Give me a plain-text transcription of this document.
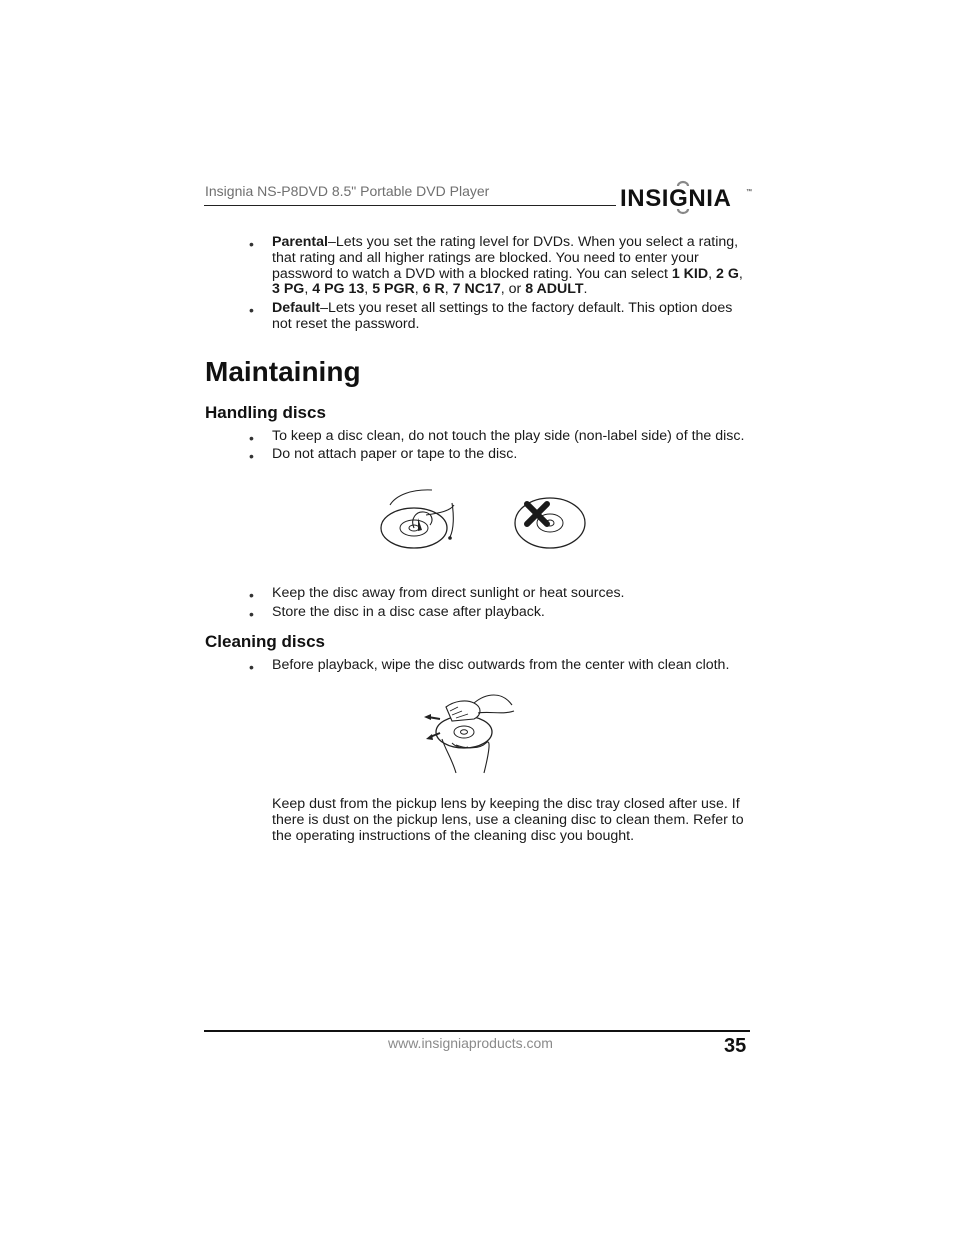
Insignia NS-P8DVD 8.5" Portable DVD Player	INSIGNIA ™
• Parental–Lets you set the rating level for DVDs. When you select a rating, that rating and all higher ratings are blocked. You need to enter your password to watch a DVD with a blocked rating. You can select 1 KID, 2 G, 3 PG, 4 PG 13, 5 PGR, 6 R, 7 NC17, or 8 ADULT.
• Default–Lets you reset all settings to the factory default. This option does not reset the password.
Maintaining
Handling discs
• To keep a disc clean, do not touch the play side (non-label side) of the disc.
• Do not attach paper or tape to the disc.
• Keep the disc away from direct sunlight or heat sources.
• Store the disc in a disc case after playback.
Cleaning discs
• Before playback, wipe the disc outwards from the center with clean cloth.
Keep dust from the pickup lens by keeping the disc tray closed after use. If there is dust on the pickup lens, use a cleaning disc to clean them. Refer to the operating instructions of the cleaning disc you bought.
www.insigniaproducts.com	35
